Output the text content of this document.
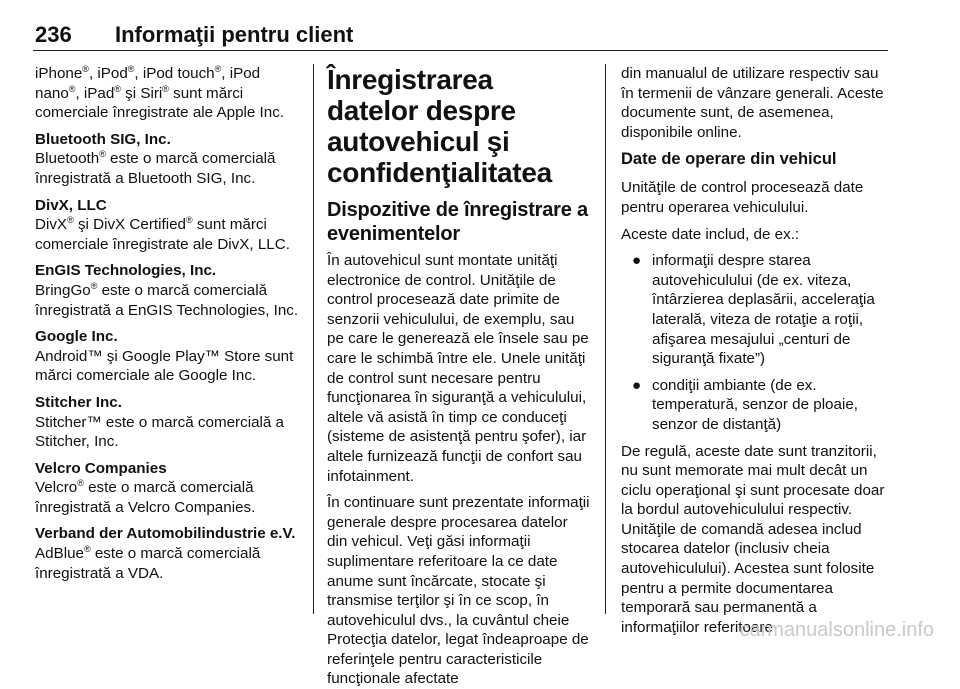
236 Informaţii pentru client

iPhone®, iPod®, iPod touch®, iPod nano®, iPad® şi Siri® sunt mărci comerciale înregistrate ale Apple Inc.

Bluetooth SIG, Inc.

Bluetooth® este o marcă comercială înregistrată a Bluetooth SIG, Inc.

DivX, LLC

DivX® şi DivX Certified® sunt mărci comerciale înregistrate ale DivX, LLC.

EnGIS Technologies, Inc.

BringGo® este o marcă comercială înregistrată a EnGIS Technologies, Inc.

Google Inc.

Android™ şi Google Play™ Store sunt mărci comerciale ale Google Inc.

Stitcher Inc.

Stitcher™ este o marcă comercială a Stitcher, Inc.

Velcro Companies

Velcro® este o marcă comercială înregistrată a Velcro Companies.

Verband der Automobilindustrie e.V.

AdBlue® este o marcă comercială înregistrată a VDA.

Înregistrarea datelor despre autovehicul şi confidenţialitatea
Dispozitive de înregistrare a evenimentelor

În autovehicul sunt montate unităţi electronice de control. Unităţile de control procesează date primite de senzorii vehiculului, de exemplu, sau pe care le generează ele însele sau pe care le schimbă între ele. Unele unităţi de control sunt necesare pentru funcţionarea în siguranţă a vehiculului, altele vă asistă în timp ce conduceţi (sisteme de asistenţă pentru şofer), iar altele furnizează funcţii de confort sau infotainment.

În continuare sunt prezentate informaţii generale despre procesarea datelor din vehicul. Veţi găsi informaţii suplimentare referitoare la ce date anume sunt încărcate, stocate şi transmise terţilor şi în ce scop, în autovehiculul dvs., la cuvântul cheie Protecţia datelor, legat îndeaproape de referinţele pentru caracteristicile funcţionale afectate

din manualul de utilizare respectiv sau în termenii de vânzare generali. Aceste documente sunt, de asemenea, disponibile online.

Date de operare din vehicul

Unităţile de control procesează date pentru operarea vehiculului.

Aceste date includ, de ex.:

● informaţii despre starea autovehiculului (de ex. viteza, întârzierea deplasării, acceleraţia laterală, viteza de rotaţie a roţii, afişarea mesajului „centuri de siguranţă fixate”)
● condiţii ambiante (de ex. temperatură, senzor de ploaie, senzor de distanţă)

De regulă, aceste date sunt tranzitorii, nu sunt memorate mai mult decât un ciclu operaţional şi sunt procesate doar la bordul autovehiculului respectiv. Unităţile de comandă adesea includ stocarea datelor (inclusiv cheia autovehiculului). Acestea sunt folosite pentru a permite documentarea temporară sau permanentă a informaţiilor referitoare

carmanualsonline.info
